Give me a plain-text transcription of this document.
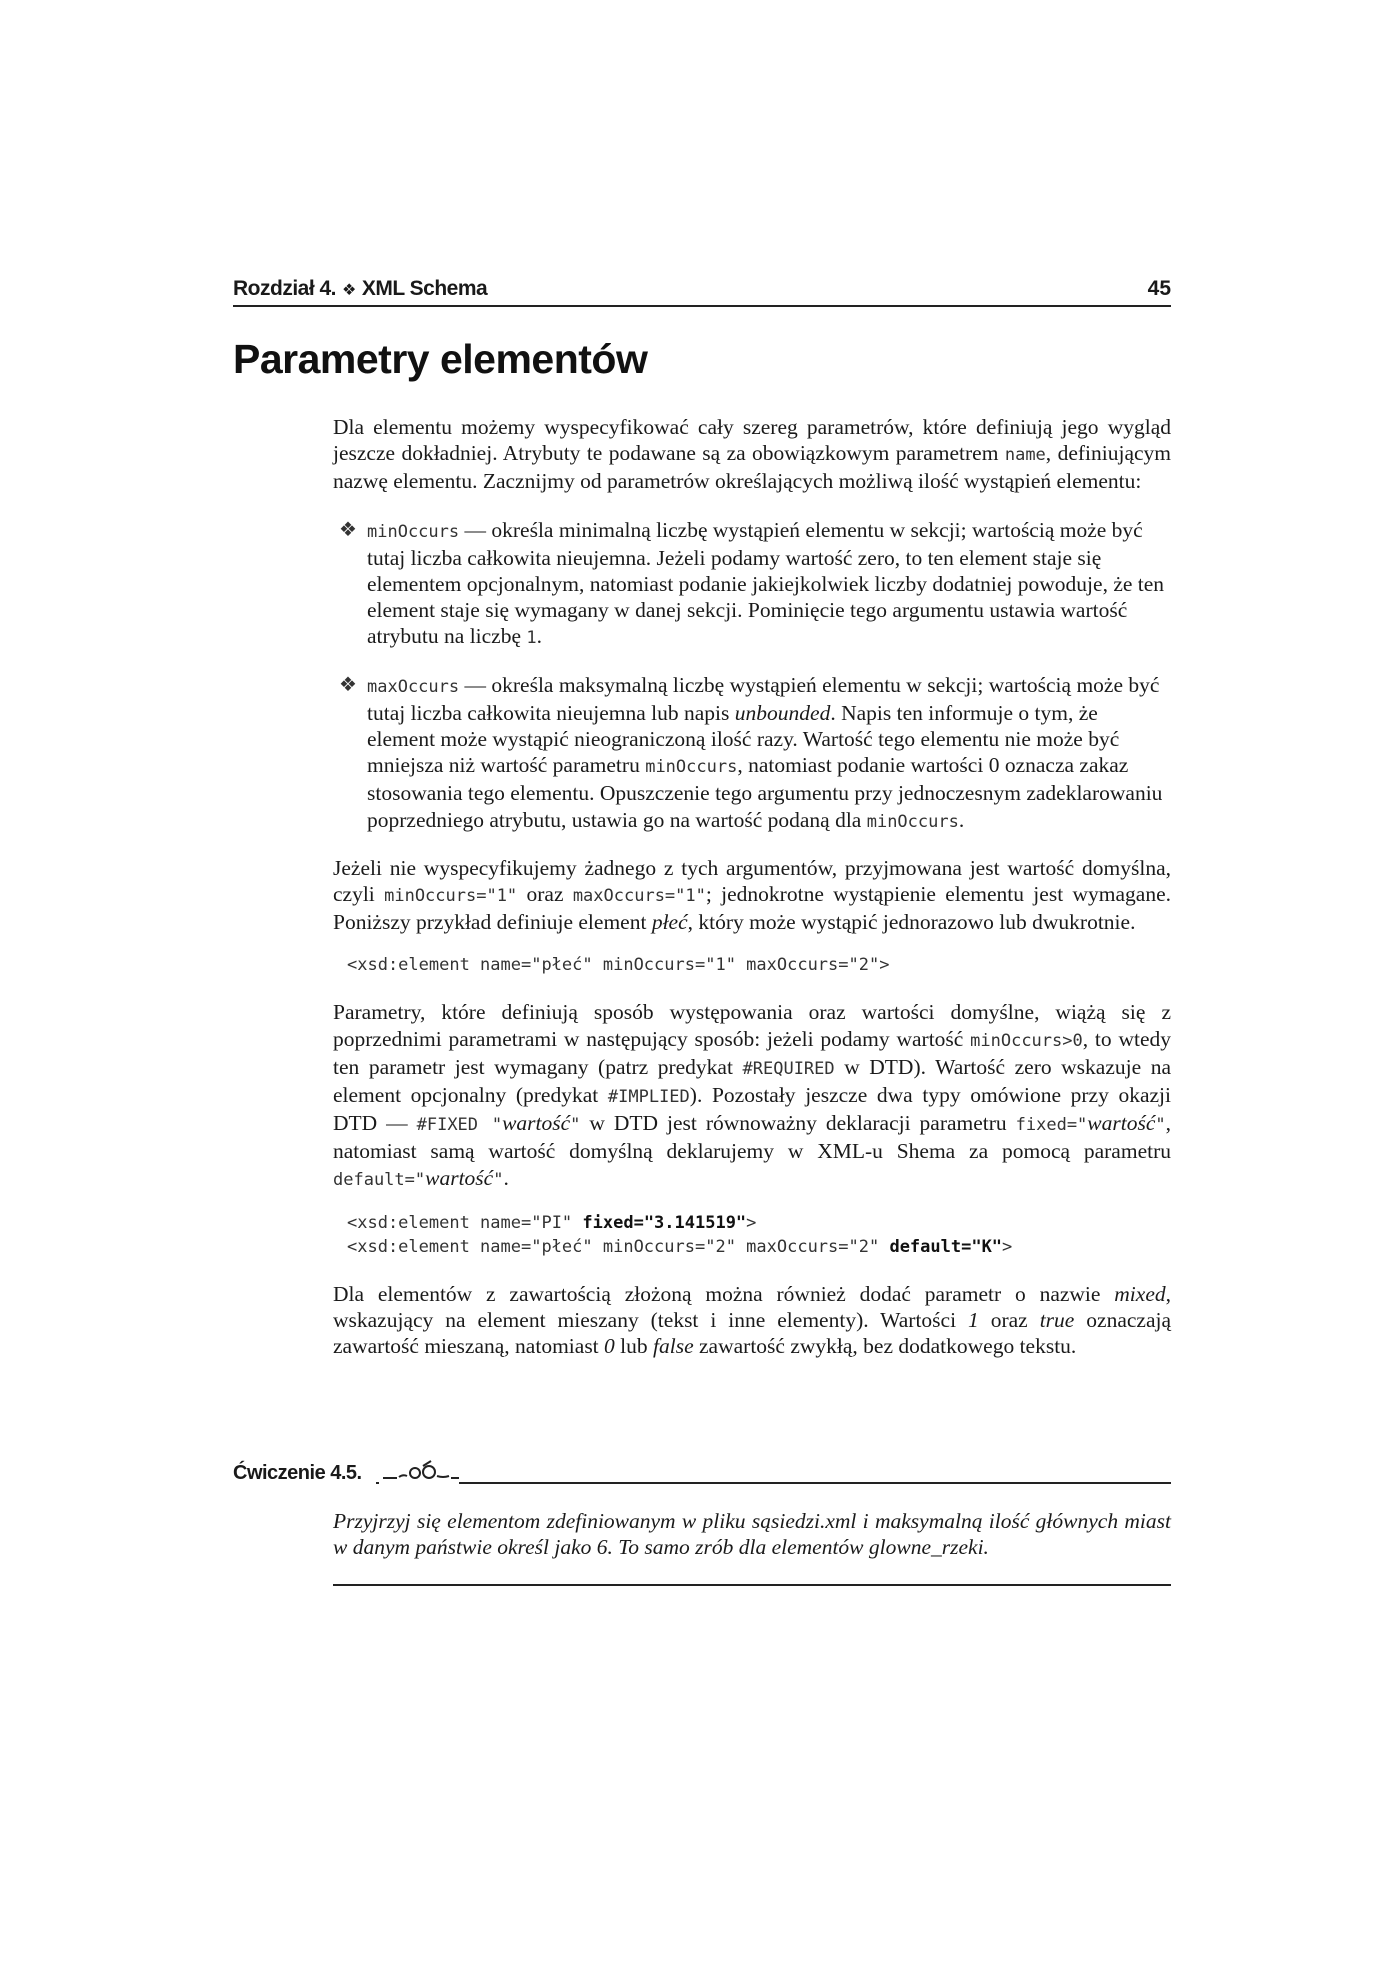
Rozdział 4. ❖ XML Schema	45
Parametry elementów

Dla elementu możemy wyspecyfikować cały szereg parametrów, które definiują jego wygląd jeszcze dokładniej. Atrybuty te podawane są za obowiązkowym parametrem name, definiującym nazwę elementu. Zacznijmy od parametrów określających możliwą ilość wystąpień elementu:

❖ minOccurs — określa minimalną liczbę wystąpień elementu w sekcji; wartością może być tutaj liczba całkowita nieujemna. Jeżeli podamy wartość zero, to ten element staje się elementem opcjonalnym, natomiast podanie jakiejkolwiek liczby dodatniej powoduje, że ten element staje się wymagany w danej sekcji. Pominięcie tego argumentu ustawia wartość atrybutu na liczbę 1.
❖ maxOccurs — określa maksymalną liczbę wystąpień elementu w sekcji; wartością może być tutaj liczba całkowita nieujemna lub napis unbounded. Napis ten informuje o tym, że element może wystąpić nieograniczoną ilość razy. Wartość tego elementu nie może być mniejsza niż wartość parametru minOccurs, natomiast podanie wartości 0 oznacza zakaz stosowania tego elementu. Opuszczenie tego argumentu przy jednoczesnym zadeklarowaniu poprzedniego atrybutu, ustawia go na wartość podaną dla minOccurs.

Jeżeli nie wyspecyfikujemy żadnego z tych argumentów, przyjmowana jest wartość domyślna, czyli minOccurs="1" oraz maxOccurs="1"; jednokrotne wystąpienie elementu jest wymagane. Poniższy przykład definiuje element płeć, który może wystąpić jednorazowo lub dwukrotnie.

<xsd:element name="płeć" minOccurs="1" maxOccurs="2">

Parametry, które definiują sposób występowania oraz wartości domyślne, wiążą się z poprzednimi parametrami w następujący sposób: jeżeli podamy wartość minOccurs>0, to wtedy ten parametr jest wymagany (patrz predykat #REQUIRED w DTD). Wartość zero wskazuje na element opcjonalny (predykat #IMPLIED). Pozostały jeszcze dwa typy omówione przy okazji DTD — #FIXED "wartość" w DTD jest równoważny deklaracji parametru fixed="wartość", natomiast samą wartość domyślną deklarujemy w XML-u Shema za pomocą parametru default="wartość".

<xsd:element name="PI" fixed="3.141519">
<xsd:element name="płeć" minOccurs="2" maxOccurs="2" default="K">

Dla elementów z zawartością złożoną można również dodać parametr o nazwie mixed, wskazujący na element mieszany (tekst i inne elementy). Wartości 1 oraz true oznaczają zawartość mieszaną, natomiast 0 lub false zawartość zwykłą, bez dodatkowego tekstu.

Ćwiczenie 4.5.
Przyjrzyj się elementom zdefiniowanym w pliku sąsiedzi.xml i maksymalną ilość głównych miast w danym państwie określ jako 6. To samo zrób dla elementów glowne_rzeki.
